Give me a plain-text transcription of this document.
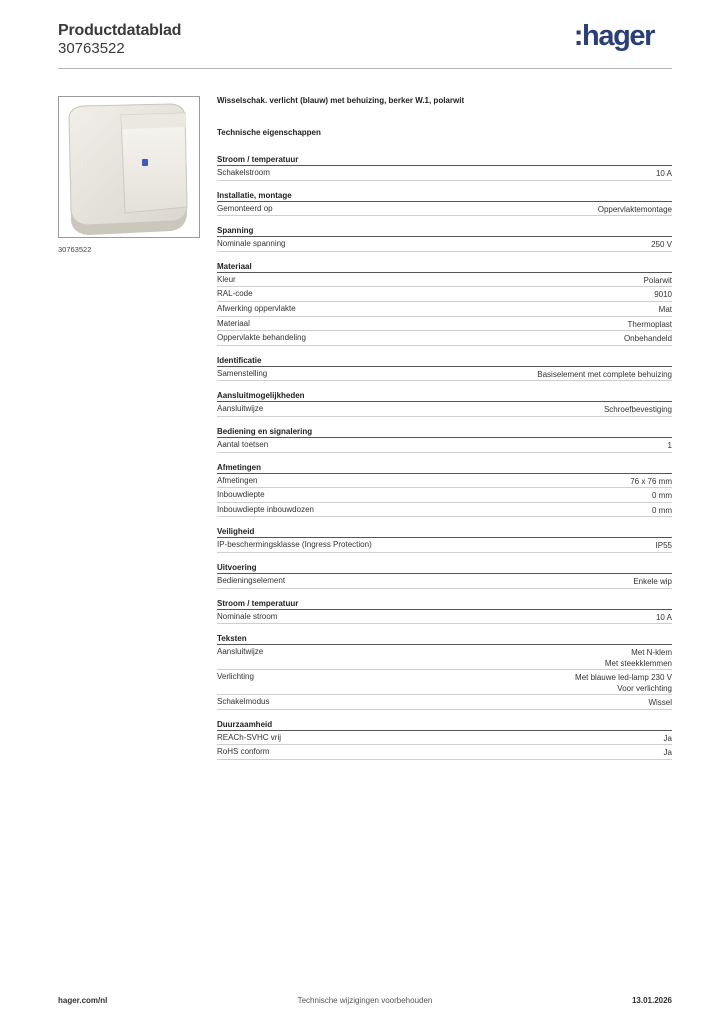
Productdatablad
30763522	:hager
30763522
Wisselschak. verlicht (blauw) met behuizing, berker W.1, polarwit
Technische eigenschappen
Stroom / temperatuur
Schakelstroom	10 A
Installatie, montage
Gemonteerd op	Oppervlaktemontage
Spanning
Nominale spanning	250 V
Materiaal
Kleur	Polarwit
RAL-code	9010
Afwerking oppervlakte	Mat
Materiaal	Thermoplast
Oppervlakte behandeling	Onbehandeld
Identificatie
Samenstelling	Basiselement met complete behuizing
Aansluitmogelijkheden
Aansluitwijze	Schroefbevestiging
Bediening en signalering
Aantal toetsen	1
Afmetingen
Afmetingen	76 x 76 mm
Inbouwdiepte	0 mm
Inbouwdiepte inbouwdozen	0 mm
Veiligheid
IP-beschermingsklasse (Ingress Protection)	IP55
Uitvoering
Bedieningselement	Enkele wip
Stroom / temperatuur
Nominale stroom	10 A
Teksten
Aansluitwijze	Met N-klem
Met steekklemmen
Verlichting	Met blauwe led-lamp 230 V
Voor verlichting
Schakelmodus	Wissel
Duurzaamheid
REACh-SVHC vrij	Ja
RoHS conform	Ja
hager.com/nl	Technische wijzigingen voorbehouden	13.01.2026
